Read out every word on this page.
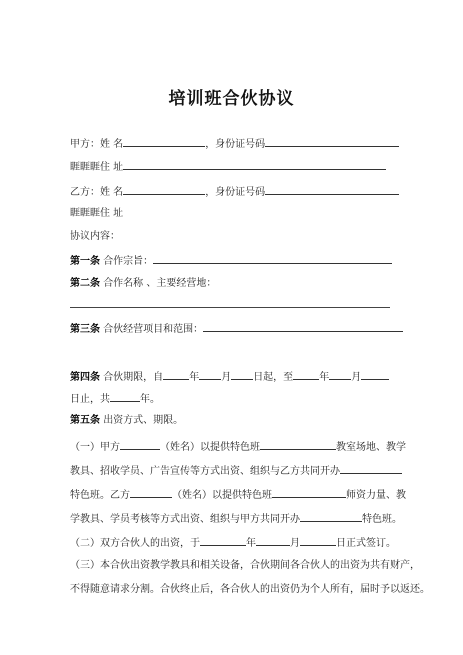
培训班合伙协议
甲方：姓 名	，身份证号码
睚睚睚住 址
乙方：姓 名	，身份证号码
睚睚睚住 址
协议内容：
第一条 合作宗旨：
第二条 合作名称 、主要经营地：
第三条 合伙经营项目和范围：
第四条 合伙期限，自	年 月 日起，至	年 月
日止，共	年。
第五条 出资方式、期限。
（一）甲方	（姓名）以提供特色班	教室场地、教学
教具、招收学员、广告宣传等方式出资、组织与乙方共同开办
特色班。乙方	（姓名）以提供特色班	师资力量、教
学教具、学员考核等方式出资、组织与甲方共同开办	特色班。
（二）双方合伙人的出资，于	年	月	日正式签订。
（三）本合伙出资教学教具和相关设备，合伙期间各合伙人的出资为共有财产，
不得随意请求分割。合伙终止后，各合伙人的出资仍为个人所有，届时予以返还。
